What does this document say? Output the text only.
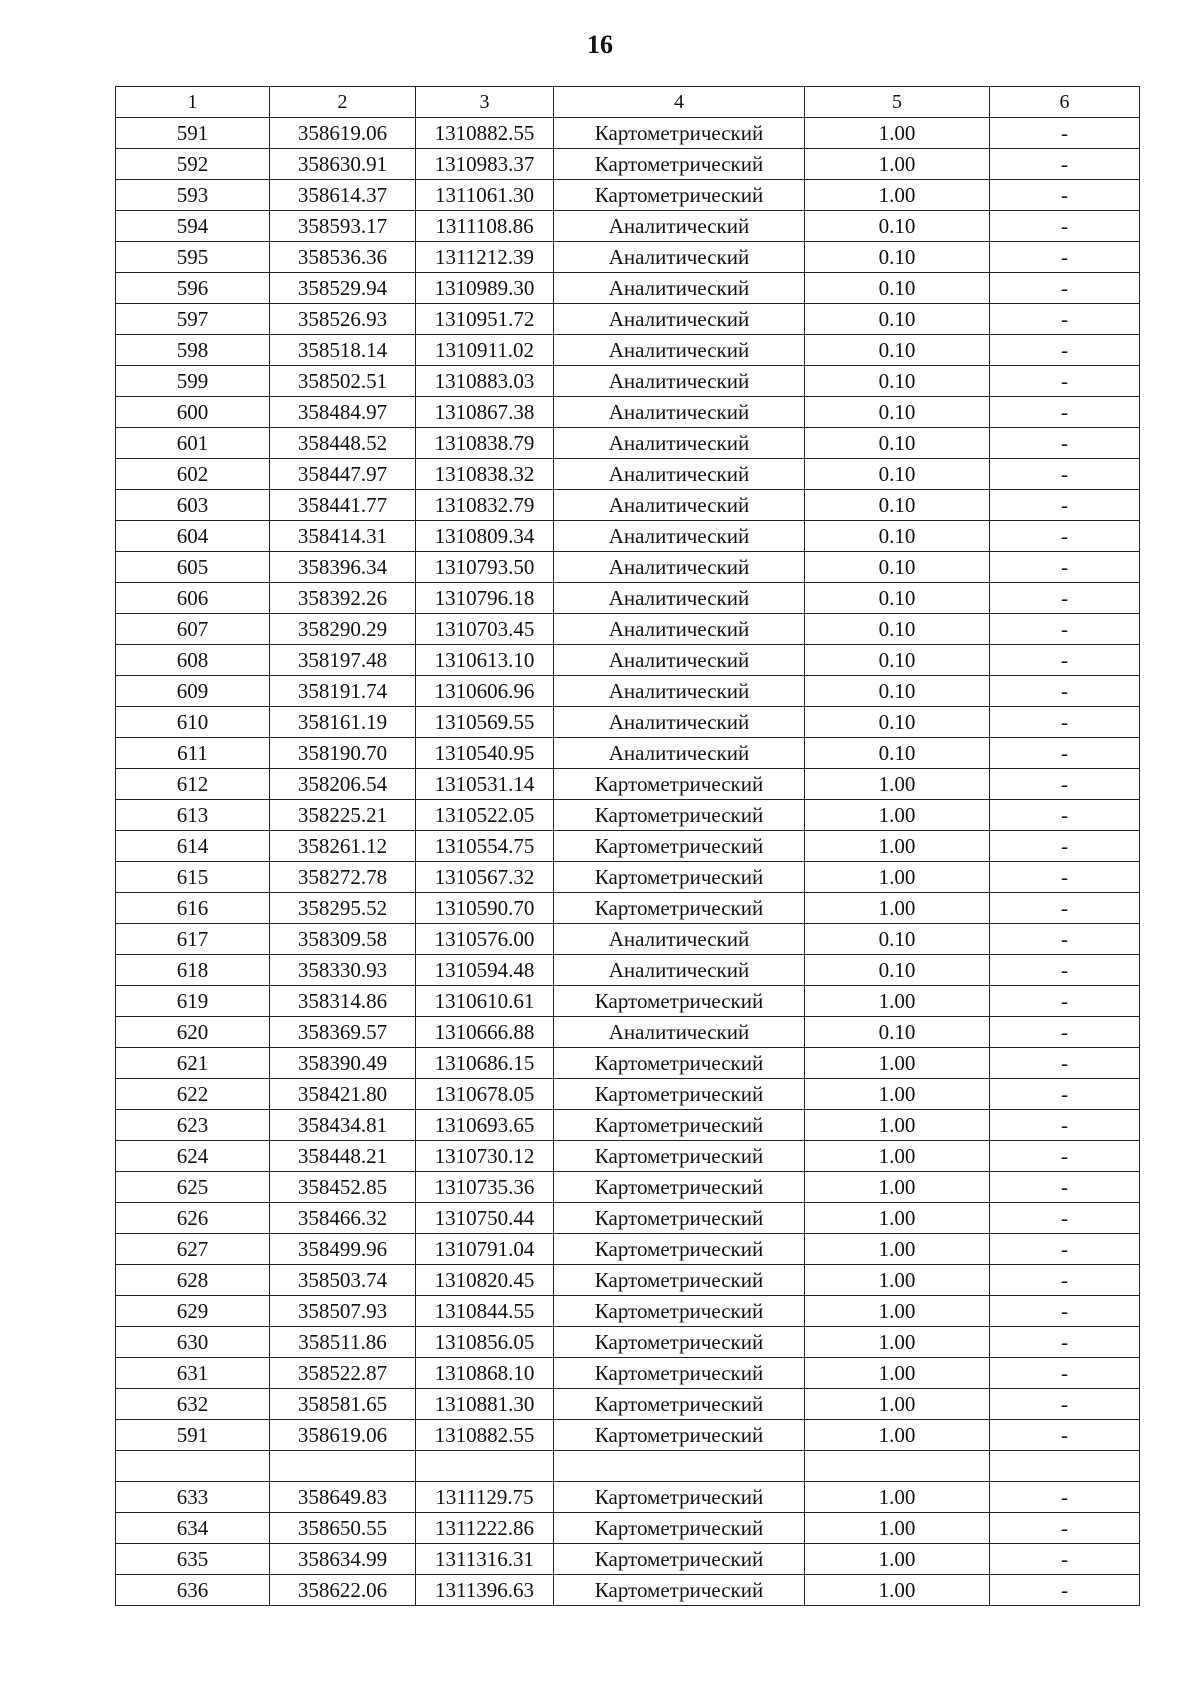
16
1	2	3	4	5	6
591	358619.06	1310882.55	Картометрический	1.00	-
592	358630.91	1310983.37	Картометрический	1.00	-
593	358614.37	1311061.30	Картометрический	1.00	-
594	358593.17	1311108.86	Аналитический	0.10	-
595	358536.36	1311212.39	Аналитический	0.10	-
596	358529.94	1310989.30	Аналитический	0.10	-
597	358526.93	1310951.72	Аналитический	0.10	-
598	358518.14	1310911.02	Аналитический	0.10	-
599	358502.51	1310883.03	Аналитический	0.10	-
600	358484.97	1310867.38	Аналитический	0.10	-
601	358448.52	1310838.79	Аналитический	0.10	-
602	358447.97	1310838.32	Аналитический	0.10	-
603	358441.77	1310832.79	Аналитический	0.10	-
604	358414.31	1310809.34	Аналитический	0.10	-
605	358396.34	1310793.50	Аналитический	0.10	-
606	358392.26	1310796.18	Аналитический	0.10	-
607	358290.29	1310703.45	Аналитический	0.10	-
608	358197.48	1310613.10	Аналитический	0.10	-
609	358191.74	1310606.96	Аналитический	0.10	-
610	358161.19	1310569.55	Аналитический	0.10	-
611	358190.70	1310540.95	Аналитический	0.10	-
612	358206.54	1310531.14	Картометрический	1.00	-
613	358225.21	1310522.05	Картометрический	1.00	-
614	358261.12	1310554.75	Картометрический	1.00	-
615	358272.78	1310567.32	Картометрический	1.00	-
616	358295.52	1310590.70	Картометрический	1.00	-
617	358309.58	1310576.00	Аналитический	0.10	-
618	358330.93	1310594.48	Аналитический	0.10	-
619	358314.86	1310610.61	Картометрический	1.00	-
620	358369.57	1310666.88	Аналитический	0.10	-
621	358390.49	1310686.15	Картометрический	1.00	-
622	358421.80	1310678.05	Картометрический	1.00	-
623	358434.81	1310693.65	Картометрический	1.00	-
624	358448.21	1310730.12	Картометрический	1.00	-
625	358452.85	1310735.36	Картометрический	1.00	-
626	358466.32	1310750.44	Картометрический	1.00	-
627	358499.96	1310791.04	Картометрический	1.00	-
628	358503.74	1310820.45	Картометрический	1.00	-
629	358507.93	1310844.55	Картометрический	1.00	-
630	358511.86	1310856.05	Картометрический	1.00	-
631	358522.87	1310868.10	Картометрический	1.00	-
632	358581.65	1310881.30	Картометрический	1.00	-
591	358619.06	1310882.55	Картометрический	1.00	-

633	358649.83	1311129.75	Картометрический	1.00	-
634	358650.55	1311222.86	Картометрический	1.00	-
635	358634.99	1311316.31	Картометрический	1.00	-
636	358622.06	1311396.63	Картометрический	1.00	-
